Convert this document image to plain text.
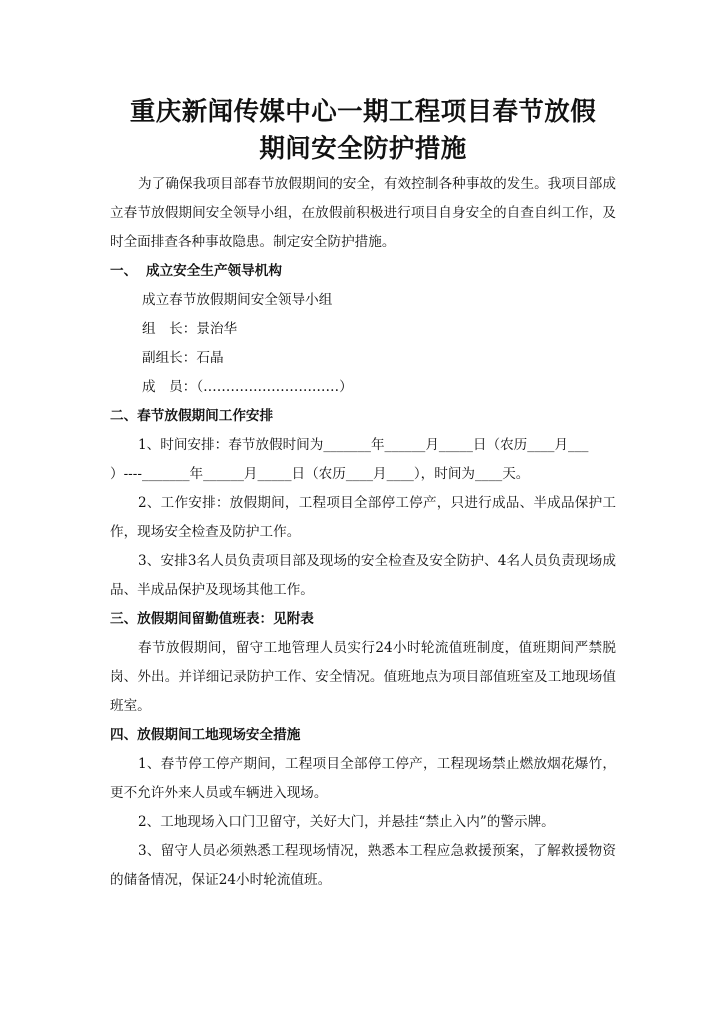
重庆新闻传媒中心一期工程项目春节放假
期间安全防护措施

为了确保我项目部春节放假期间的安全，有效控制各种事故的发生。我项目部成立春节放假期间安全领导小组，在放假前积极进行项目自身安全的自查自纠工作，及时全面排查各种事故隐患。制定安全防护措施。

一、 成立安全生产领导机构

成立春节放假期间安全领导小组

组　长：景治华

副组长：石晶

成　员：（…………………………）

二、春节放假期间工作安排

1、时间安排：春节放假时间为_______年______月_____日（农历____月___

）----_______年______月_____日（农历____月____），时间为____天。

2、工作安排：放假期间，工程项目全部停工停产，只进行成品、半成品保护工作，现场安全检查及防护工作。

3、安排3名人员负责项目部及现场的安全检查及安全防护、4名人员负责现场成品、半成品保护及现场其他工作。

三、放假期间留勤值班表：见附表

春节放假期间，留守工地管理人员实行24小时轮流值班制度，值班期间严禁脱岗、外出。并详细记录防护工作、安全情况。值班地点为项目部值班室及工地现场值班室。

四、放假期间工地现场安全措施

1、春节停工停产期间，工程项目全部停工停产，工程现场禁止燃放烟花爆竹，更不允许外来人员或车辆进入现场。

2、工地现场入口门卫留守，关好大门，并悬挂“禁止入内”的警示牌。

3、留守人员必须熟悉工程现场情况，熟悉本工程应急救援预案，了解救援物资的储备情况，保证24小时轮流值班。
